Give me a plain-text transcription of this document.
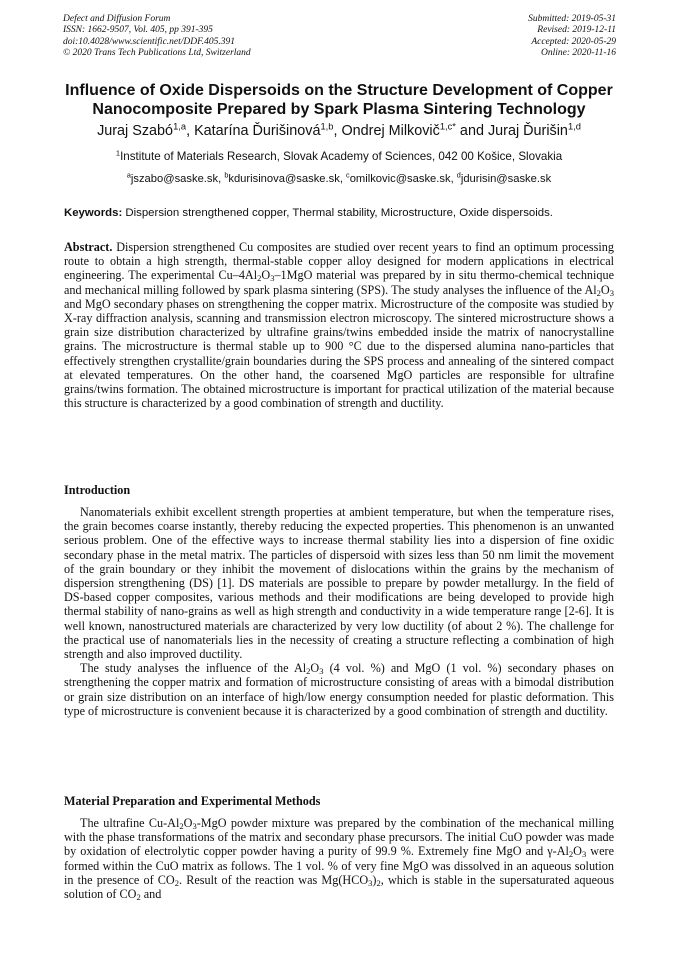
Defect and Diffusion Forum
ISSN: 1662-9507, Vol. 405, pp 391-395
doi:10.4028/www.scientific.net/DDF.405.391
© 2020 Trans Tech Publications Ltd, Switzerland
Submitted: 2019-05-31
Revised: 2019-12-11
Accepted: 2020-05-29
Online: 2020-11-16
Influence of Oxide Dispersoids on the Structure Development of Copper Nanocomposite Prepared by Spark Plasma Sintering Technology
Juraj Szabó$^{1,a}$, Katarína Ďurišinová$^{1,b}$, Ondrej Milkovič$^{1,c*}$ and Juraj Ďurišin$^{1,d}$
$^1$Institute of Materials Research, Slovak Academy of Sciences, 042 00 Košice, Slovakia
$^a$jszabo@saske.sk, $^b$kdurisinova@saske.sk, $^c$omilkovic@saske.sk, $^d$jdurisin@saske.sk
Keywords: Dispersion strengthened copper, Thermal stability, Microstructure, Oxide dispersoids.

Abstract. Dispersion strengthened Cu composites are studied over recent years to find an optimum processing route to obtain a high strength, thermal-stable copper alloy designed for modern applications in electrical engineering. The experimental $Cu-4Al_2O_3-1MgO$ material was prepared by in situ thermo-chemical technique and mechanical milling followed by spark plasma sintering (SPS). The study analyses the influence of the $Al_2O_3$ and MgO secondary phases on strengthening the copper matrix. Microstructure of the composite was studied by X-ray diffraction analysis, scanning and transmission electron microscopy. The sintered microstructure shows a grain size distribution characterized by ultrafine grains/twins embedded inside the matrix of nanocrystalline grains. The microstructure is thermal stable up to 900 °C due to the dispersed alumina nano-particles that effectively strengthen crystallite/grain boundaries during the SPS process and annealing of the sintered compact at elevated temperatures. On the other hand, the coarsened MgO particles are responsible for ultrafine grains/twins formation. The obtained microstructure is important for practical utilization of the material because this structure is characterized by a good combination of strength and ductility.

Introduction

Nanomaterials exhibit excellent strength properties at ambient temperature, but when the temperature rises, the grain becomes coarse instantly, thereby reducing the expected properties. This phenomenon is an unwanted serious problem. One of the effective ways to increase thermal stability lies into a dispersion of fine oxidic secondary phase in the metal matrix. The particles of dispersoid with sizes less than 50 nm limit the movement of the grain boundary or they inhibit the movement of dislocations within the grains by the mechanism of dispersion strengthening (DS) [1]. DS materials are possible to prepare by powder metallurgy. In the field of DS-based copper composites, various methods and their modifications are being developed to provide high thermal stability of nano-grains as well as high strength and conductivity in a wide temperature range [2-6]. It is well known, nanostructured materials are characterized by very low ductility (of about 2 %). The challenge for the practical use of nanomaterials lies in the necessity of creating a structure reflecting a combination of high strength and also improved ductility.

The study analyses the influence of the $Al_2O_3$ (4 vol. %) and MgO (1 vol. %) secondary phases on strengthening the copper matrix and formation of microstructure consisting of areas with a bimodal distribution or grain size distribution on an interface of high/low energy consumption needed for plastic deformation. This type of microstructure is convenient because it is characterized by a good combination of strength and ductility.

Material Preparation and Experimental Methods

The ultrafine $Cu-Al_2O_3$-MgO powder mixture was prepared by the combination of the mechanical milling with the phase transformations of the matrix and secondary phase precursors. The initial CuO powder was made by oxidation of electrolytic copper powder having a purity of 99.9 %. Extremely fine MgO and $\gamma-Al_2O_3$ were formed within the CuO matrix as follows. The 1 vol. % of very fine MgO was dissolved in an aqueous solution in the presence of $CO_2$. Result of the reaction was $Mg(HCO_3)_2$, which is stable in the supersaturated aqueous solution of $CO_2$ and
